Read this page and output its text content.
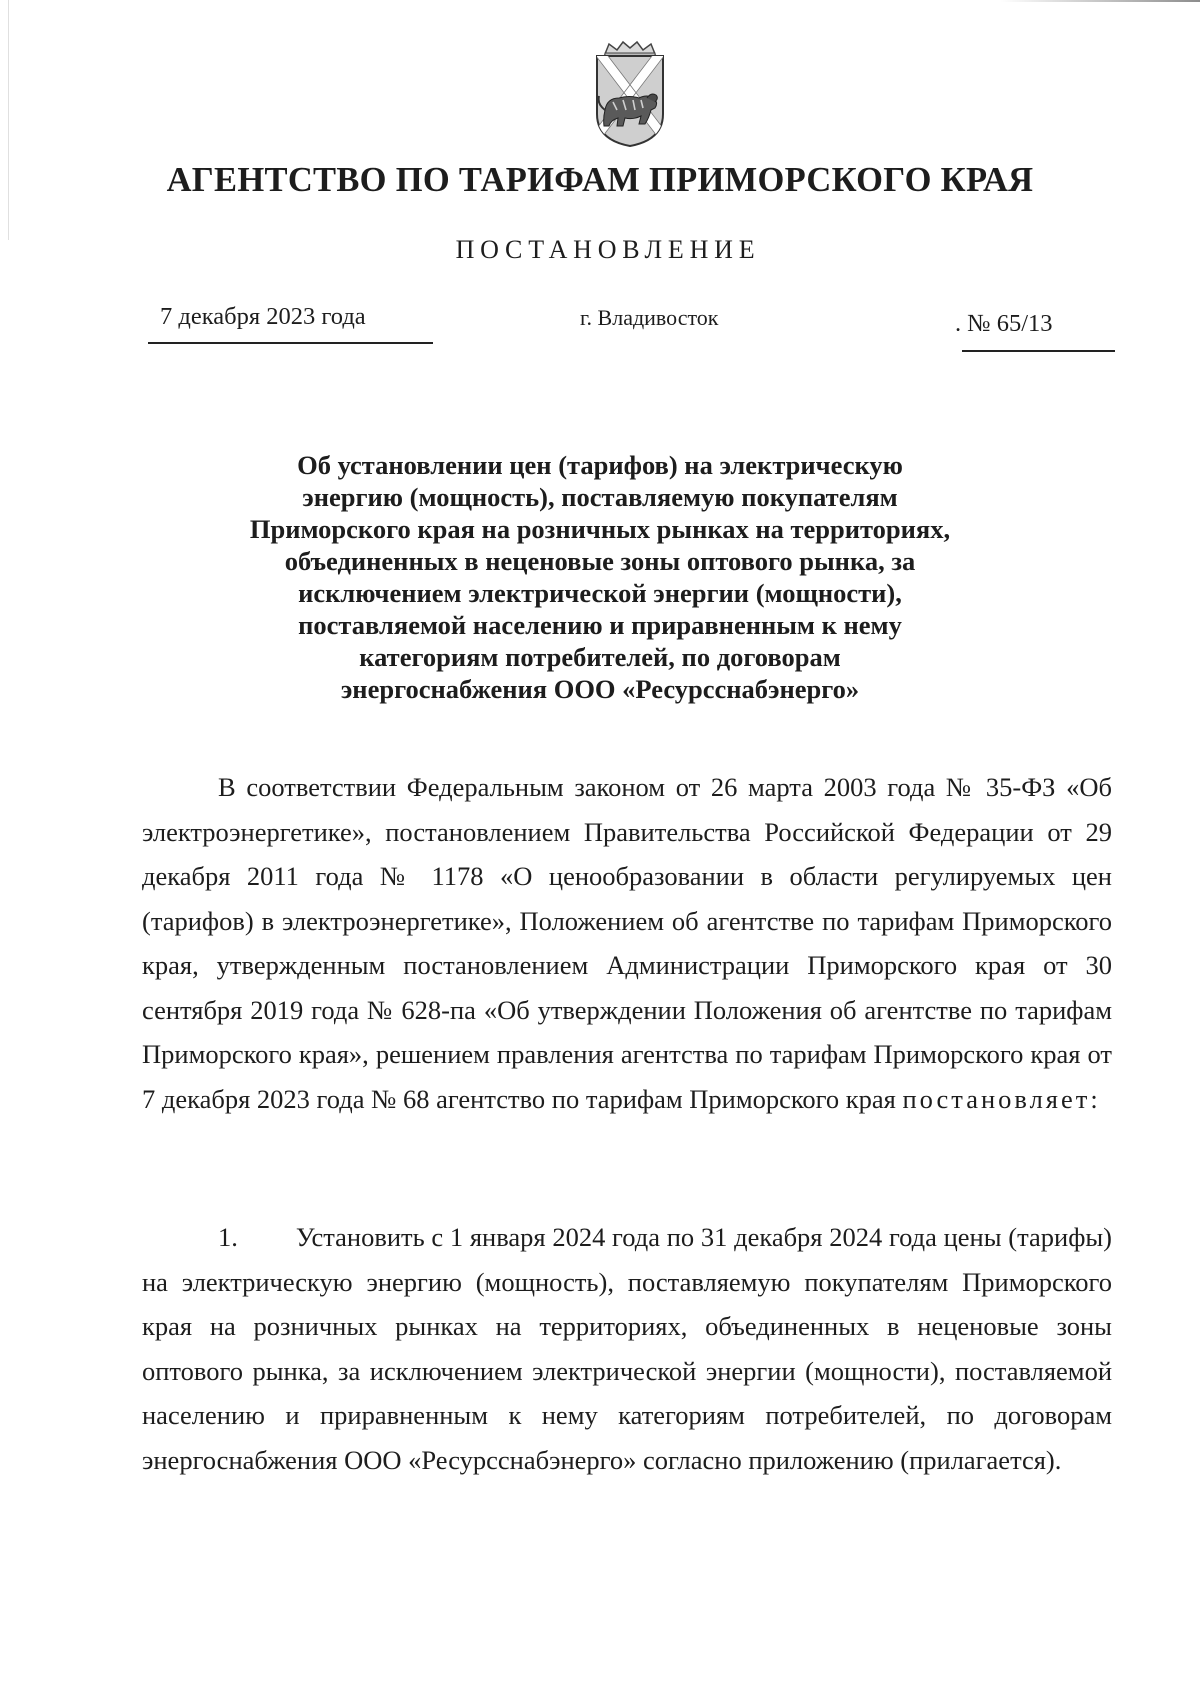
АГЕНТСТВО ПО ТАРИФАМ ПРИМОРСКОГО КРАЯ
ПОСТАНОВЛЕНИЕ
7 декабря 2023 года	г. Владивосток	. № 65/13
Об установлении цен (тарифов) на электрическую
энергию (мощность), поставляемую покупателям
Приморского края на розничных рынках на территориях,
объединенных в неценовые зоны оптового рынка, за
исключением электрической энергии (мощности),
поставляемой населению и приравненным к нему
категориям потребителей, по договорам
энергоснабжения ООО «Ресурсснабэнерго»
В соответствии Федеральным законом от 26 марта 2003 года № 35-ФЗ «Об электроэнергетике», постановлением Правительства Российской Федерации от 29 декабря 2011 года № 1178 «О ценообразовании в области регулируемых цен (тарифов) в электроэнергетике», Положением об агентстве по тарифам Приморского края, утвержденным постановлением Администрации Приморского края от 30 сентября 2019 года № 628-па «Об утверждении Положения об агентстве по тарифам Приморского края», решением правления агентства по тарифам Приморского края от 7 декабря 2023 года № 68 агентство по тарифам Приморского края постановляет:
1. Установить с 1 января 2024 года по 31 декабря 2024 года цены (тарифы) на электрическую энергию (мощность), поставляемую покупателям Приморского края на розничных рынках на территориях, объединенных в неценовые зоны оптового рынка, за исключением электрической энергии (мощности), поставляемой населению и приравненным к нему категориям потребителей, по договорам энергоснабжения ООО «Ресурсснабэнерго» согласно приложению (прилагается).
